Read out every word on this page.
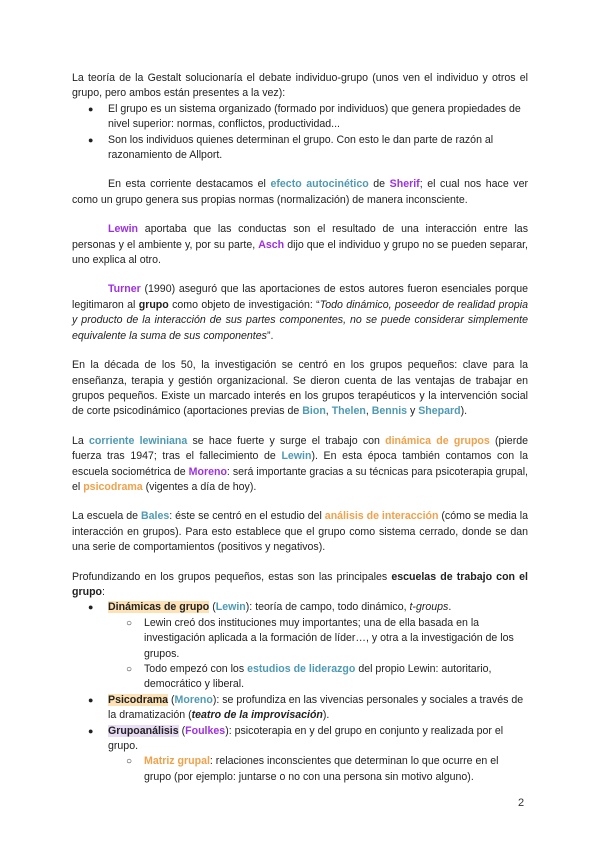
La teoría de la Gestalt solucionaría el debate individuo-grupo (unos ven el individuo y otros el grupo, pero ambos están presentes a la vez):

● El grupo es un sistema organizado (formado por individuos) que genera propiedades de nivel superior: normas, conflictos, productividad...
● Son los individuos quienes determinan el grupo. Con esto le dan parte de razón al razonamiento de Allport.

En esta corriente destacamos el efecto autocinético de Sherif; el cual nos hace ver como un grupo genera sus propias normas (normalización) de manera inconsciente.

Lewin aportaba que las conductas son el resultado de una interacción entre las personas y el ambiente y, por su parte, Asch dijo que el individuo y grupo no se pueden separar, uno explica al otro.

Turner (1990) aseguró que las aportaciones de estos autores fueron esenciales porque legitimaron al grupo como objeto de investigación: “Todo dinámico, poseedor de realidad propia y producto de la interacción de sus partes componentes, no se puede considerar simplemente equivalente la suma de sus componentes”.

En la década de los 50, la investigación se centró en los grupos pequeños: clave para la enseñanza, terapia y gestión organizacional. Se dieron cuenta de las ventajas de trabajar en grupos pequeños. Existe un marcado interés en los grupos terapéuticos y la intervención social de corte psicodinámico (aportaciones previas de Bion, Thelen, Bennis y Shepard).

La corriente lewiniana se hace fuerte y surge el trabajo con dinámica de grupos (pierde fuerza tras 1947; tras el fallecimiento de Lewin). En esta época también contamos con la escuela sociométrica de Moreno: será importante gracias a su técnicas para psicoterapia grupal, el psicodrama (vigentes a día de hoy).

La escuela de Bales: éste se centró en el estudio del análisis de interacción (cómo se media la interacción en grupos). Para esto establece que el grupo como sistema cerrado, donde se dan una serie de comportamientos (positivos y negativos).

Profundizando en los grupos pequeños, estas son las principales escuelas de trabajo con el grupo:

● Dinámicas de grupo (Lewin): teoría de campo, todo dinámico, t-groups.
○ Lewin creó dos instituciones muy importantes; una de ella basada en la investigación aplicada a la formación de líder…, y otra a la investigación de los grupos.
○ Todo empezó con los estudios de liderazgo del propio Lewin: autoritario, democrático y liberal.
● Psicodrama (Moreno): se profundiza en las vivencias personales y sociales a través de la dramatización (teatro de la improvisación).
● Grupoanálisis (Foulkes): psicoterapia en y del grupo en conjunto y realizada por el grupo.
○ Matriz grupal: relaciones inconscientes que determinan lo que ocurre en el grupo (por ejemplo: juntarse o no con una persona sin motivo alguno).
2
